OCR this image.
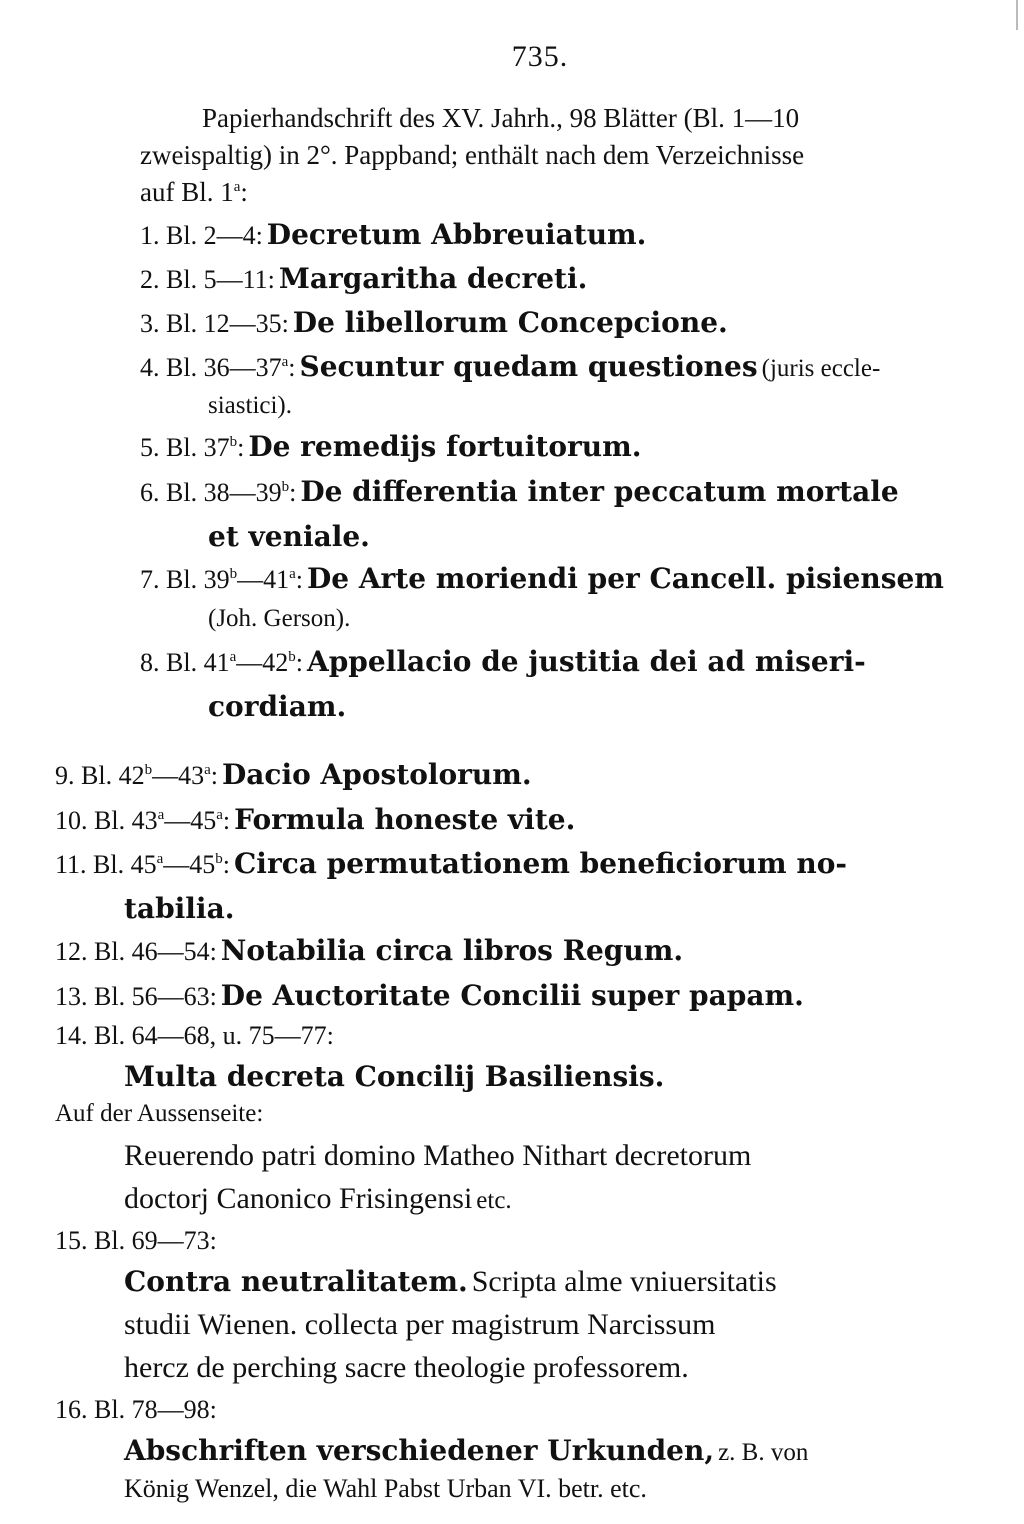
735.
Papierhandschrift des XV. Jahrh., 98 Blätter (Bl. 1—10
zweispaltig) in 2°. Pappband; enthält nach dem Verzeichnisse
auf Bl. 1$^a$:
1. Bl. 2—4: Decretum Abbreuiatum.
2. Bl. 5—11: Margaritha decreti.
3. Bl. 12—35: De libellorum Concepcione.
4. Bl. 36—37$^a$: Secuntur quedam questiones (juris eccle-
siastici).
5. Bl. 37$^b$: De remedijs fortuitorum.
6. Bl. 38—39$^b$: De differentia inter peccatum mortale
et veniale.
7. Bl. 39$^b$—41$^a$: De Arte moriendi per Cancell. pisiensem
(Joh. Gerson).
8. Bl. 41$^a$—42$^b$: Appellacio de justitia dei ad miseri-
cordiam.
9. Bl. 42$^b$—43$^a$: Dacio Apostolorum.
10. Bl. 43$^a$—45$^a$: Formula honeste vite.
11. Bl. 45$^a$—45$^b$: Circa permutationem beneficiorum no-
tabilia.
12. Bl. 46—54: Notabilia circa libros Regum.
13. Bl. 56—63: De Auctoritate Concilii super papam.
14. Bl. 64—68, u. 75—77:
Multa decreta Concilij Basiliensis.
Auf der Aussenseite:
Reuerendo patri domino Matheo Nithart decretorum
doctorj Canonico Frisingensi etc.
15. Bl. 69—73:
Contra neutralitatem. Scripta alme vniuersitatis
studii Wienen. collecta per magistrum Narcissum
hercz de perching sacre theologie professorem.
16. Bl. 78—98:
Abschriften verschiedener Urkunden, z. B. von
König Wenzel, die Wahl Pabst Urban VI. betr. etc.
